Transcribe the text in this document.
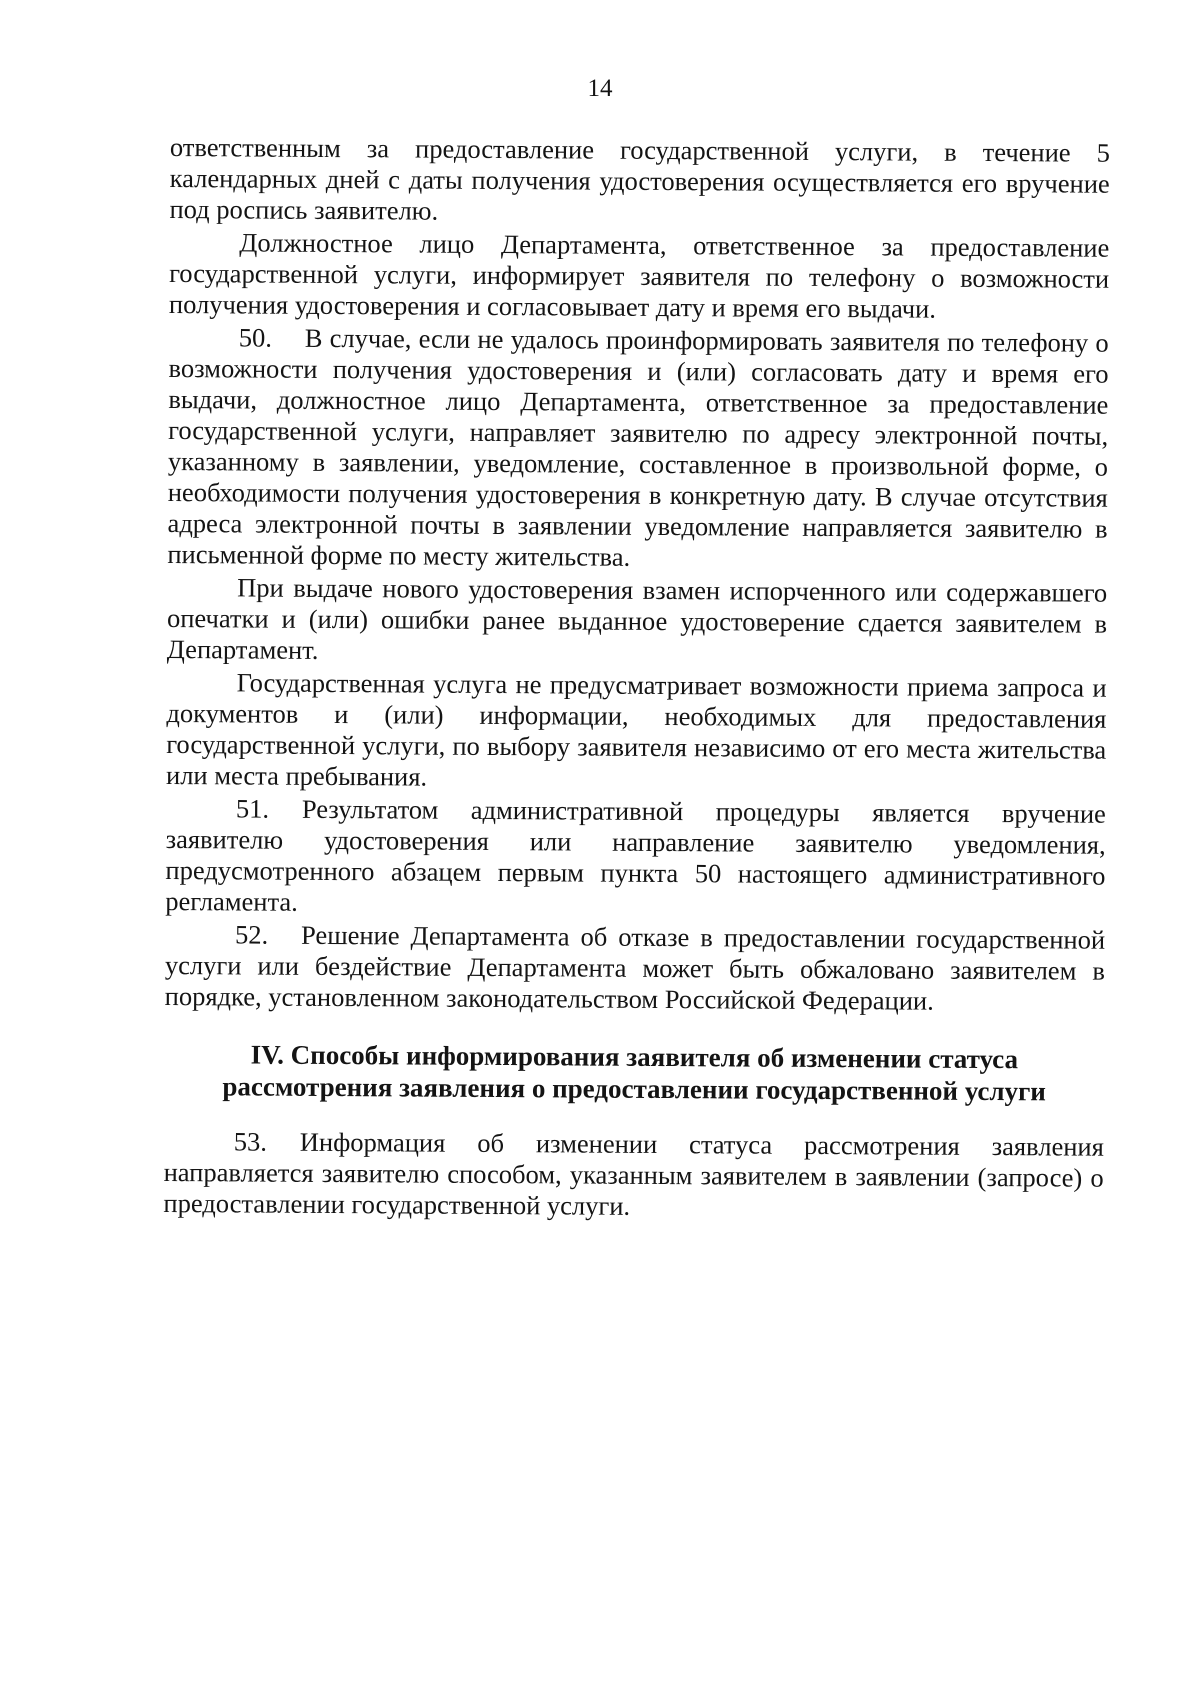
14

ответственным за предоставление государственной услуги, в течение 5 календарных дней с даты получения удостоверения осуществляется его вручение под роспись заявителю.

Должностное лицо Департамента, ответственное за предоставление государственной услуги, информирует заявителя по телефону о возможности получения удостоверения и согласовывает дату и время его выдачи.

50. В случае, если не удалось проинформировать заявителя по телефону о возможности получения удостоверения и (или) согласовать дату и время его выдачи, должностное лицо Департамента, ответственное за предоставление государственной услуги, направляет заявителю по адресу электронной почты, указанному в заявлении, уведомление, составленное в произвольной форме, о необходимости получения удостоверения в конкретную дату. В случае отсутствия адреса электронной почты в заявлении уведомление направляется заявителю в письменной форме по месту жительства.

При выдаче нового удостоверения взамен испорченного или содержавшего опечатки и (или) ошибки ранее выданное удостоверение сдается заявителем в Департамент.

Государственная услуга не предусматривает возможности приема запроса и документов и (или) информации, необходимых для предоставления государственной услуги, по выбору заявителя независимо от его места жительства или места пребывания.

51. Результатом административной процедуры является вручение заявителю удостоверения или направление заявителю уведомления, предусмотренного абзацем первым пункта 50 настоящего административного регламента.

52. Решение Департамента об отказе в предоставлении государственной услуги или бездействие Департамента может быть обжаловано заявителем в порядке, установленном законодательством Российской Федерации.

IV. Способы информирования заявителя об изменении статуса
рассмотрения заявления о предоставлении государственной услуги

53. Информация об изменении статуса рассмотрения заявления направляется заявителю способом, указанным заявителем в заявлении (запросе) о предоставлении государственной услуги.
